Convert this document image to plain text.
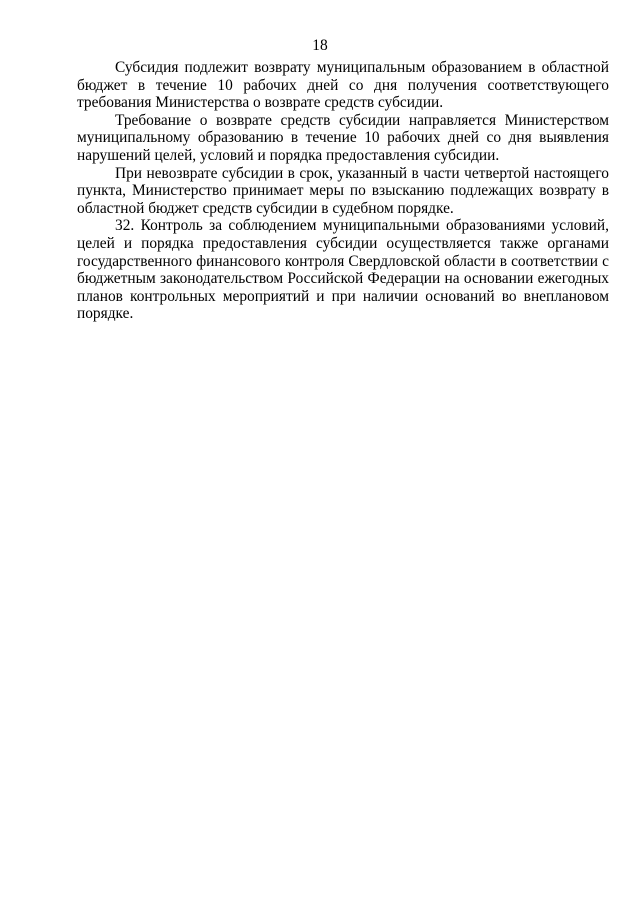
18

Субсидия подлежит возврату муниципальным образованием в областной бюджет в течение 10 рабочих дней со дня получения соответствующего требования Министерства о возврате средств субсидии.

Требование о возврате средств субсидии направляется Министерством муниципальному образованию в течение 10 рабочих дней со дня выявления нарушений целей, условий и порядка предоставления субсидии.

При невозврате субсидии в срок, указанный в части четвертой настоящего пункта, Министерство принимает меры по взысканию подлежащих возврату в областной бюджет средств субсидии в судебном порядке.

32. Контроль за соблюдением муниципальными образованиями условий, целей и порядка предоставления субсидии осуществляется также органами государственного финансового контроля Свердловской области в соответствии с бюджетным законодательством Российской Федерации на основании ежегодных планов контрольных мероприятий и при наличии оснований во внеплановом порядке.
